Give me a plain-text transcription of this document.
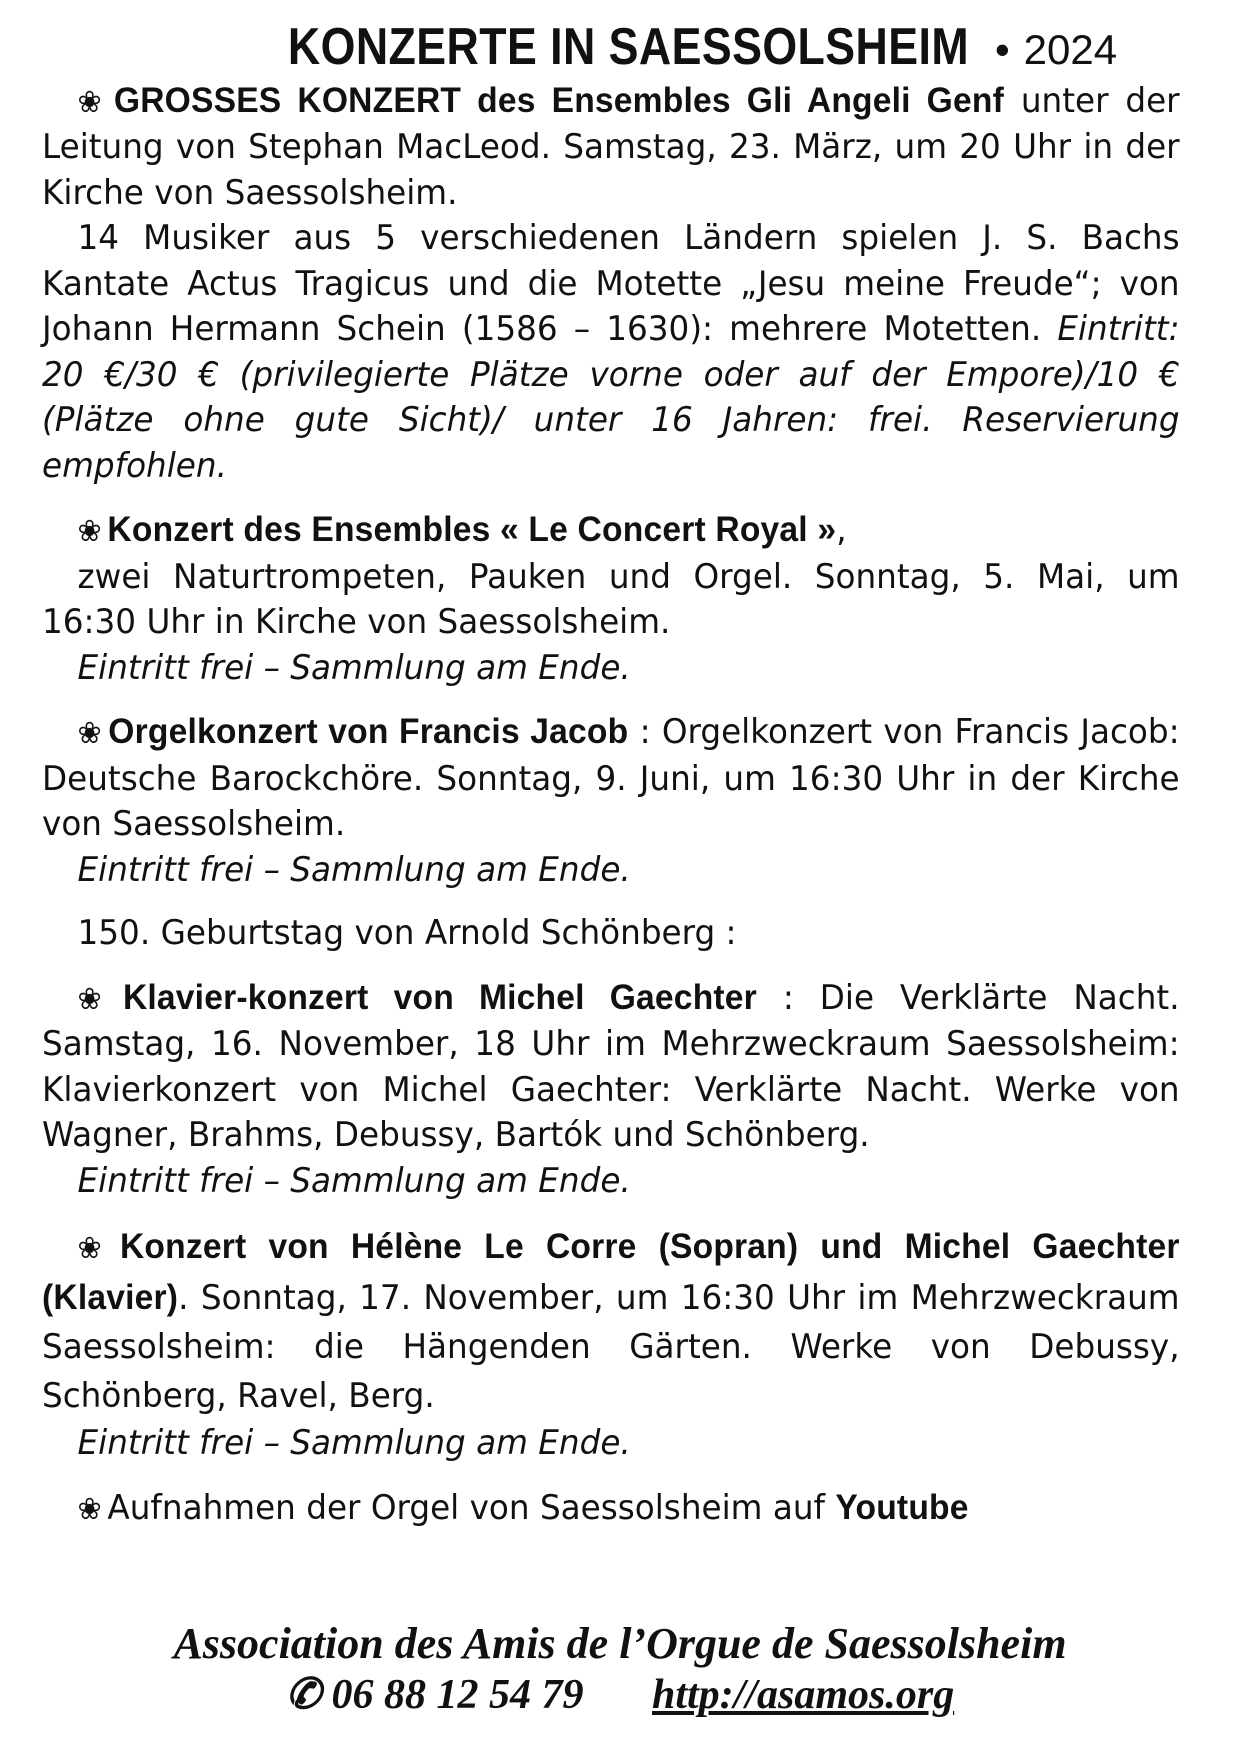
KONZERTE IN SAESSOLSHEIM • 2024

❀ GROSSES KONZERT des Ensembles Gli Angeli Genf unter der Leitung von Stephan MacLeod. Samstag, 23. März, um 20 Uhr in der Kirche von Saessolsheim.

14 Musiker aus 5 verschiedenen Ländern spielen J. S. Bachs Kantate Actus Tragicus und die Motette „Jesu meine Freude“; von Johann Hermann Schein (1586 – 1630): mehrere Motetten. Eintritt: 20 €/30 € (privilegierte Plätze vorne oder auf der Empore)/10 € (Plätze ohne gute Sicht)/ unter 16 Jahren: frei. Reservierung empfohlen.

❀ Konzert des Ensembles « Le Concert Royal »,

zwei Naturtrompeten, Pauken und Orgel. Sonntag, 5. Mai, um 16:30 Uhr in Kirche von Saessolsheim.

Eintritt frei – Sammlung am Ende.

❀ Orgelkonzert von Francis Jacob : Orgelkonzert von Francis Jacob: Deutsche Barockchöre. Sonntag, 9. Juni, um 16:30 Uhr in der Kirche von Saessolsheim.

Eintritt frei – Sammlung am Ende.

150. Geburtstag von Arnold Schönberg :

❀ Klavier-konzert von Michel Gaechter : Die Verklärte Nacht. Samstag, 16. November, 18 Uhr im Mehrzweckraum Saessolsheim: Klavierkonzert von Michel Gaechter: Verklärte Nacht. Werke von Wagner, Brahms, Debussy, Bartók und Schönberg.

Eintritt frei – Sammlung am Ende.

❀ Konzert von Hélène Le Corre (Sopran) und Michel Gaechter (Klavier). Sonntag, 17. November, um 16:30 Uhr im Mehrzweckraum Saessolsheim: die Hängenden Gärten. Werke von Debussy, Schönberg, Ravel, Berg.

Eintritt frei – Sammlung am Ende.

❀ Aufnahmen der Orgel von Saessolsheim auf Youtube

Association des Amis de l’Orgue de Saessolsheim
✆ 06 88 12 54 79 http://asamos.org
